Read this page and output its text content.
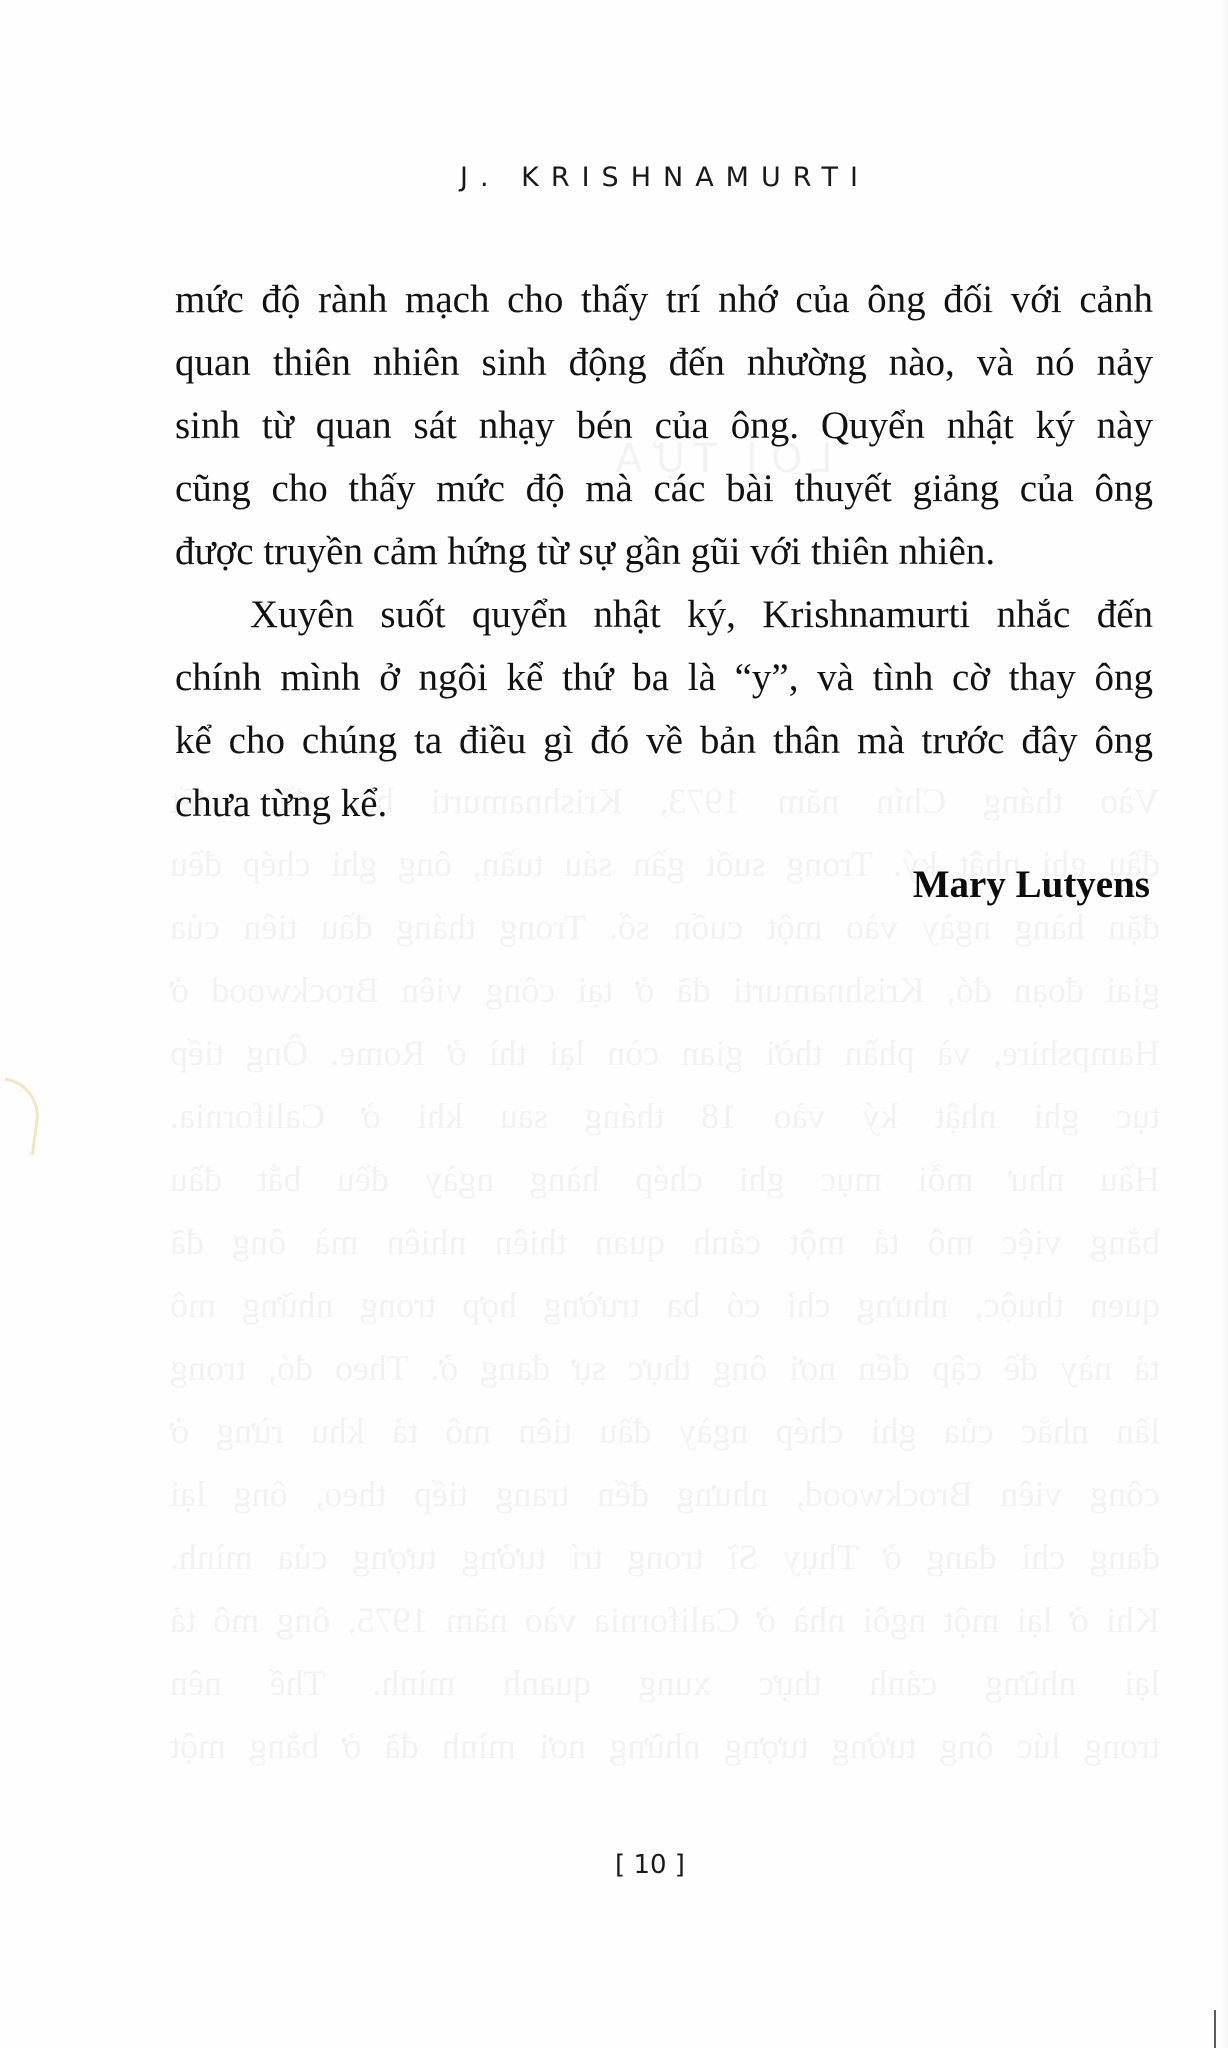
J. KRISHNAMURTI
mức độ rành mạch cho thấy trí nhớ của ông đối với cảnh
quan thiên nhiên sinh động đến nhường nào, và nó nảy
sinh từ quan sát nhạy bén của ông. Quyển nhật ký này
cũng cho thấy mức độ mà các bài thuyết giảng của ông
được truyền cảm hứng từ sự gần gũi với thiên nhiên.
Xuyên suốt quyển nhật ký, Krishnamurti nhắc đến
chính mình ở ngôi kể thứ ba là “y”, và tình cờ thay ông
kể cho chúng ta điều gì đó về bản thân mà trước đây ông
chưa từng kể.
Mary Lutyens
[ 10 ]
